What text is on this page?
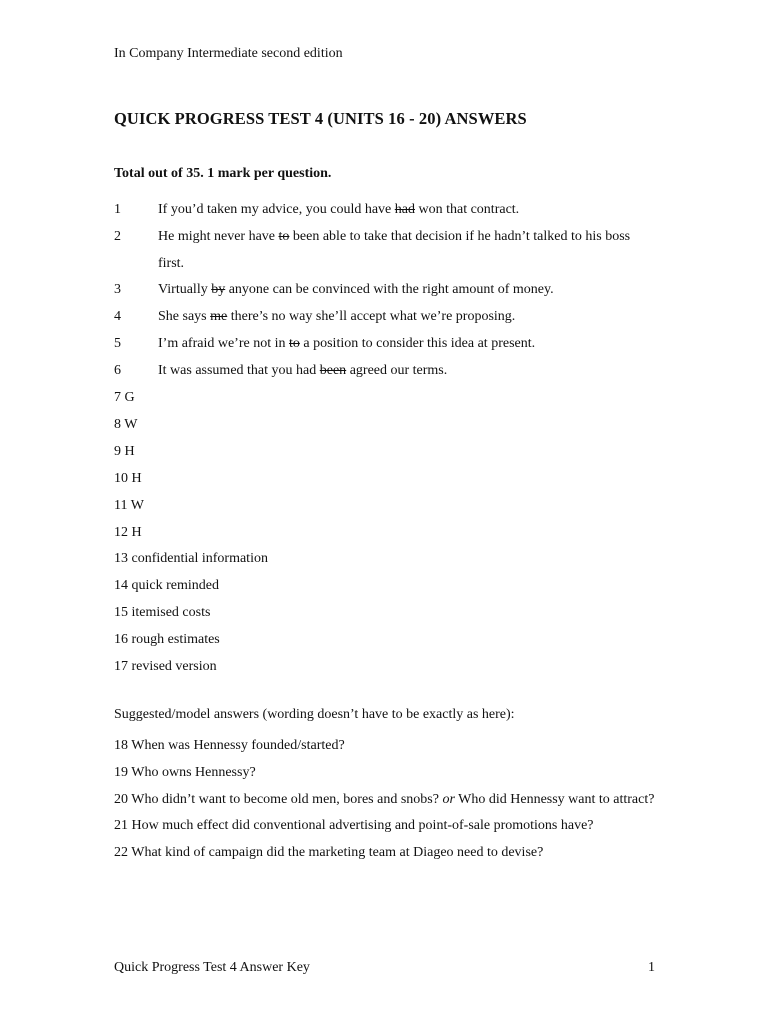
In Company Intermediate second edition
QUICK PROGRESS TEST 4 (UNITS 16 - 20) ANSWERS
Total out of 35. 1 mark per question.
1	If you’d taken my advice, you could have had won that contract.
2	He might never have to been able to take that decision if he hadn’t talked to his boss first.
3	Virtually by anyone can be convinced with the right amount of money.
4	She says me there’s no way she’ll accept what we’re proposing.
5	I’m afraid we’re not in to a position to consider this idea at present.
6	It was assumed that you had been agreed our terms.
7 G
8 W
9 H
10 H
11 W
12 H
13 confidential information
14 quick reminded
15 itemised costs
16 rough estimates
17 revised version
Suggested/model answers (wording doesn’t have to be exactly as here):
18 When was Hennessy founded/started?
19 Who owns Hennessy?
20 Who didn’t want to become old men, bores and snobs? or Who did Hennessy want to attract?
21 How much effect did conventional advertising and point-of-sale promotions have?
22 What kind of campaign did the marketing team at Diageo need to devise?
Quick Progress Test 4 Answer Key	1
